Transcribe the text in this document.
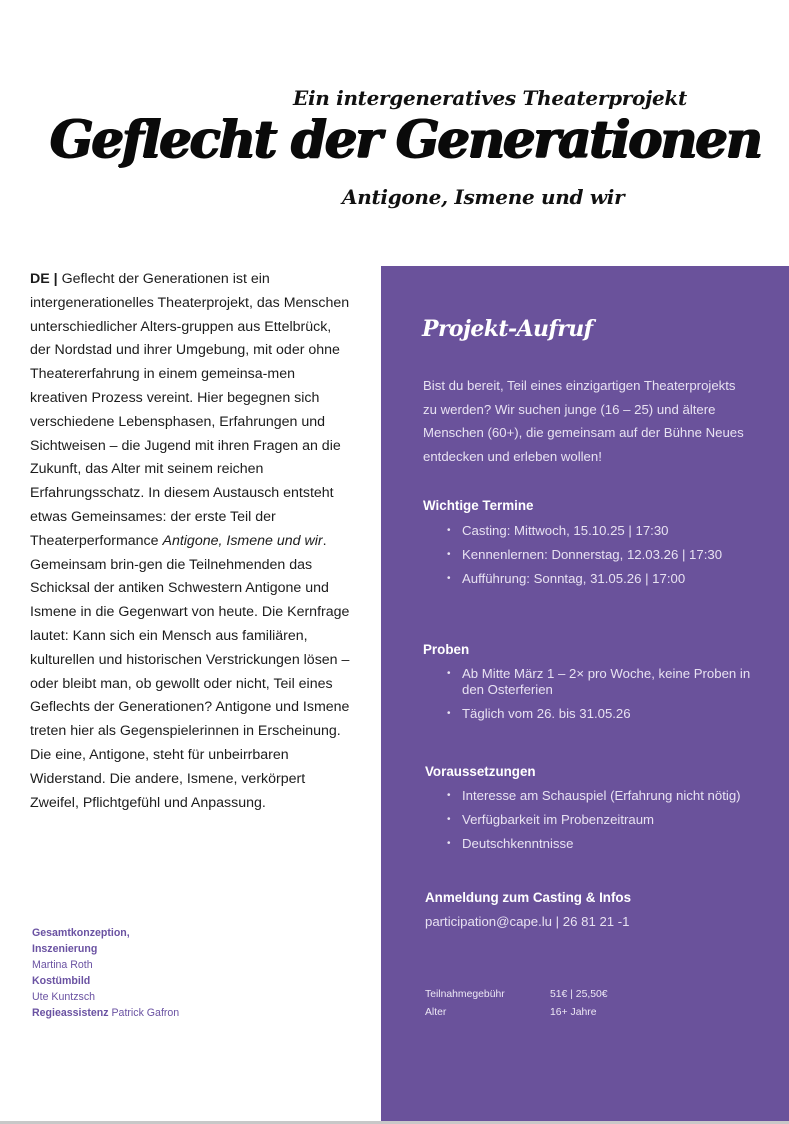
Ein intergeneratives Theaterprojekt
Geflecht der Generationen
Antigone, Ismene und wir
DE | Geflecht der Generationen ist ein intergenerationelles Theaterprojekt, das Menschen unterschiedlicher Alters-gruppen aus Ettelbrück, der Nordstad und ihrer Umgebung, mit oder ohne Theatererfahrung in einem gemeinsa-men kreativen Prozess vereint. Hier begegnen sich verschiedene Lebensphasen, Erfahrungen und Sichtweisen – die Jugend mit ihren Fragen an die Zukunft, das Alter mit seinem reichen Erfahrungsschatz. In diesem Austausch entsteht etwas Gemeinsames: der erste Teil der Theaterperformance Antigone, Ismene und wir. Gemeinsam brin-gen die Teilnehmenden das Schicksal der antiken Schwestern Antigone und Ismene in die Gegenwart von heute. Die Kernfrage lautet: Kann sich ein Mensch aus familiären, kulturellen und historischen Verstrickungen lösen – oder bleibt man, ob gewollt oder nicht, Teil eines Geflechts der Generationen? Antigone und Ismene treten hier als Gegenspielerinnen in Erscheinung. Die eine, Antigone, steht für unbeirrbaren Widerstand. Die andere, Ismene, verkörpert Zweifel, Pflichtgefühl und Anpassung.
Gesamtkonzeption, Inszenierung
Martina Roth
Kostümbild
Ute Kuntzsch
Regieassistenz Patrick Gafron
Projekt-Aufruf
Bist du bereit, Teil eines einzigartigen Theaterprojekts zu werden? Wir suchen junge (16 – 25) und ältere Menschen (60+), die gemeinsam auf der Bühne Neues entdecken und erleben wollen!
Wichtige Termine
• Casting: Mittwoch, 15.10.25 | 17:30
• Kennenlernen: Donnerstag, 12.03.26 | 17:30
• Aufführung: Sonntag, 31.05.26 | 17:00
Proben
• Ab Mitte März 1 – 2× pro Woche, keine Proben in den Osterferien
• Täglich vom 26. bis 31.05.26
Voraussetzungen
• Interesse am Schauspiel (Erfahrung nicht nötig)
• Verfügbarkeit im Probenzeitraum
• Deutschkenntnisse
Anmeldung zum Casting & Infos
participation@cape.lu | 26 81 21 -1
Teilnahmegebühr	51€ | 25,50€
Alter	16+ Jahre
